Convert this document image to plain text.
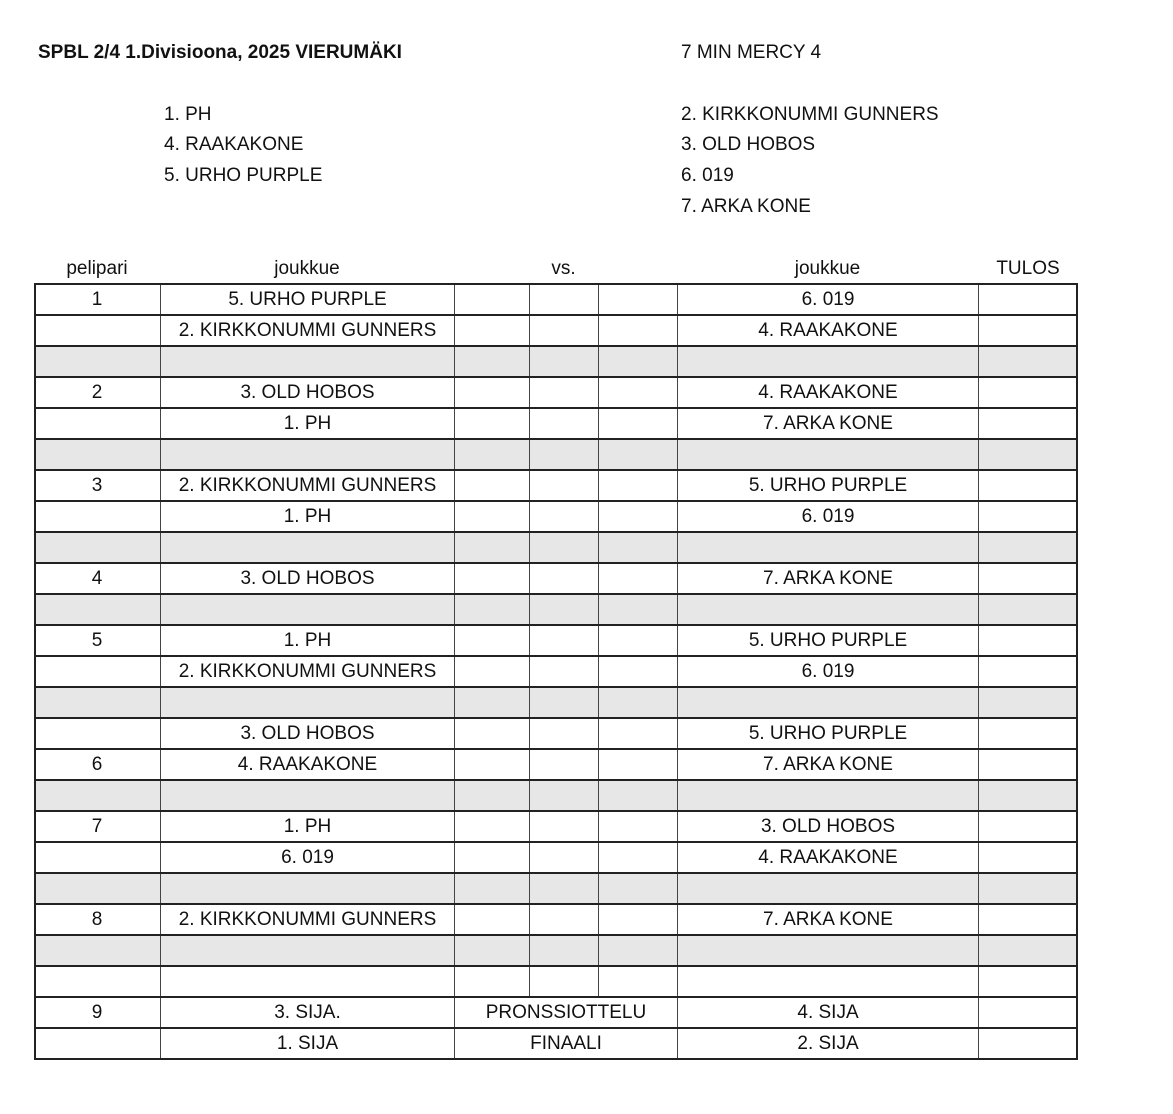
SPBL 2/4 1.Divisioona, 2025 VIERUMÄKI	7 MIN MERCY 4
1. PH
4. RAAKAKONE
5. URHO PURPLE
2. KIRKKONUMMI GUNNERS
3. OLD HOBOS
6. 019
7. ARKA KONE
pelipari	joukkue	vs.	joukkue	TULOS
1	5. URHO PURPLE	6. 019
2. KIRKKONUMMI GUNNERS	4. RAAKAKONE
2	3. OLD HOBOS	4. RAAKAKONE
1. PH	7. ARKA KONE
3	2. KIRKKONUMMI GUNNERS	5. URHO PURPLE
1. PH	6. 019
4	3. OLD HOBOS	7. ARKA KONE
5	1. PH	5. URHO PURPLE
2. KIRKKONUMMI GUNNERS	6. 019
3. OLD HOBOS	5. URHO PURPLE
6	4. RAAKAKONE	7. ARKA KONE
7	1. PH	3. OLD HOBOS
6. 019	4. RAAKAKONE
8	2. KIRKKONUMMI GUNNERS	7. ARKA KONE
9	3. SIJA.	PRONSSIOTTELU	4. SIJA
1. SIJA	FINAALI	2. SIJA
